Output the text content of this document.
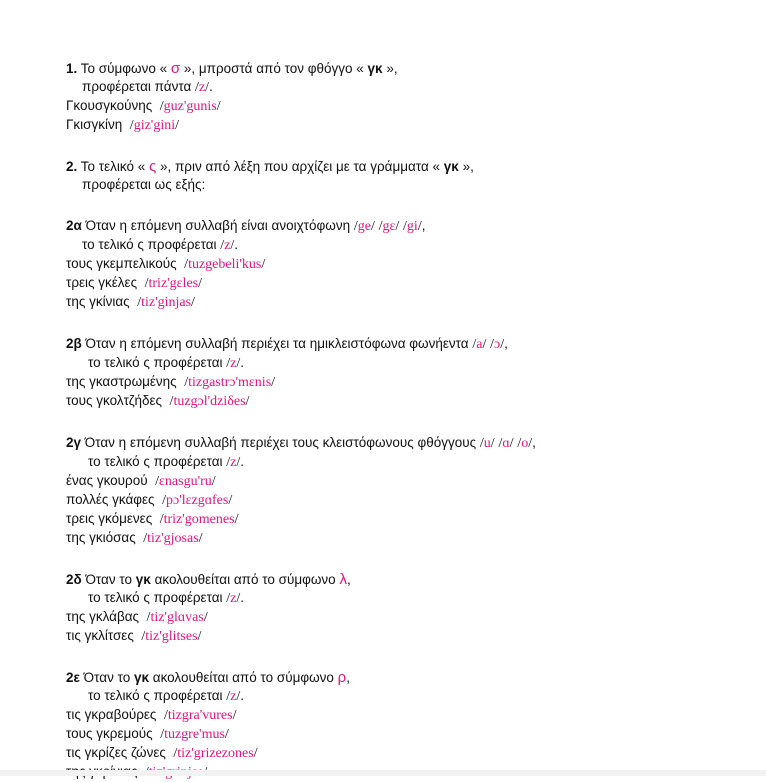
1. Το σύμφωνο « σ », μπροστά από τον φθόγγο « γκ »,
προφέρεται πάντα /z/.
Γκουσγκούνης /guz'gunis/
Γκισγκίνη /giz'gini/
2. Το τελικό « ς », πριν από λέξη που αρχίζει με τα γράμματα « γκ »,
προφέρεται ως εξής:
2α Όταν η επόμενη συλλαβή είναι ανοιχτόφωνη /ge/ /gɛ/ /gi/,
το τελικό ς προφέρεται /z/.
τους γκεμπελικούς /tuzgebeli'kus/
τρεις γκέλες /triz'gɛles/
της γκίνιας /tiz'ginjas/
2β Όταν η επόμενη συλλαβή περιέχει τα ημικλειστόφωνα φωνήεντα /a/ /ɔ/,
το τελικό ς προφέρεται /z/.
της γκαστρωμένης /tizgastrɔ'mɛnis/
τους γκολτζήδες /tuzgɔl'dziδes/
2γ Όταν η επόμενη συλλαβή περιέχει τους κλειστόφωνους φθόγγους /u/ /ɑ/ /o/,
το τελικό ς προφέρεται /z/.
ένας γκουρού /ɛnasgu'ru/
πολλές γκάφες /pɔ'lɛzgɑfes/
τρεις γκόμενες /triz'gomenes/
της γκιόσας /tiz'gjosas/
2δ Όταν το γκ ακολουθείται από το σύμφωνο λ,
το τελικό ς προφέρεται /z/.
της γκλάβας /tiz'glɑvas/
τις γκλίτσες /tiz'glitses/
2ε Όταν το γκ ακολουθείται από το σύμφωνο ρ,
το τελικό ς προφέρεται /z/.
τις γκραβούρες /tizgra'vures/
τους γκρεμούς /tuzgre'mus/
τις γκρίζες ζώνες /tiz'grizezones/
